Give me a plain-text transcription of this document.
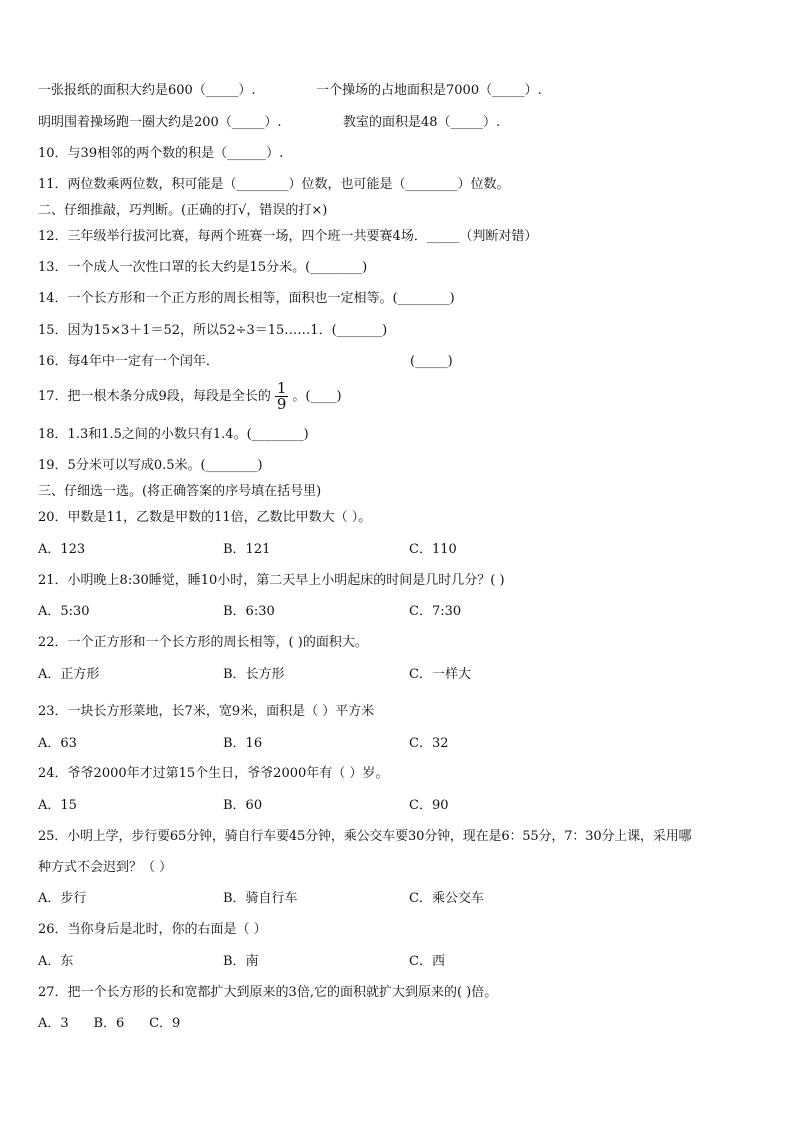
一张报纸的面积大约是600（_____）.	一个操场的占地面积是7000（_____）.
明明围着操场跑一圈大约是200（_____）.	教室的面积是48（_____）.
10．与39相邻的两个数的积是（______）.
11．两位数乘两位数，积可能是（________）位数，也可能是（________）位数。
二、仔细推敲，巧判断。(正确的打√，错误的打×)
12．三年级举行拔河比赛，每两个班赛一场，四个班一共要赛4场．_____（判断对错）
13．一个成人一次性口罩的长大约是15分米。(________)
14．一个长方形和一个正方形的周长相等，面积也一定相等。(________)
15．因为15×3＋1＝52，所以52÷3＝15……1．(_______)
16．每4年中一定有一个闰年．	(_____)
17．把一根木条分成9段，每段是全长的 $\frac{1}{9}$ 。(____)
18．1.3和1.5之间的小数只有1.4。(________)
19．5分米可以写成0.5米。(________)
三、仔细选一选。(将正确答案的序号填在括号里)
20．甲数是11，乙数是甲数的11倍，乙数比甲数大（ ）。
A．123	B．121	C．110
21．小明晚上8:30睡觉，睡10小时，第二天早上小明起床的时间是几时几分？( )
A．5:30	B．6:30	C．7:30
22．一个正方形和一个长方形的周长相等，( )的面积大。
A．正方形	B．长方形	C．一样大
23．一块长方形菜地，长7米，宽9米，面积是（ ）平方米
A．63	B．16	C．32
24．爷爷2000年才过第15个生日，爷爷2000年有（ ）岁。
A．15	B．60	C．90
25．小明上学，步行要65分钟，骑自行车要45分钟，乘公交车要30分钟，现在是6：55分，7：30分上课，采用哪
种方式不会迟到？（ ）
A．步行	B．骑自行车	C．乘公交车
26．当你身后是北时，你的右面是（ ）
A．东	B．南	C．西
27．把一个长方形的长和宽都扩大到原来的3倍,它的面积就扩大到原来的( )倍。
A．3      B．6      C．9
